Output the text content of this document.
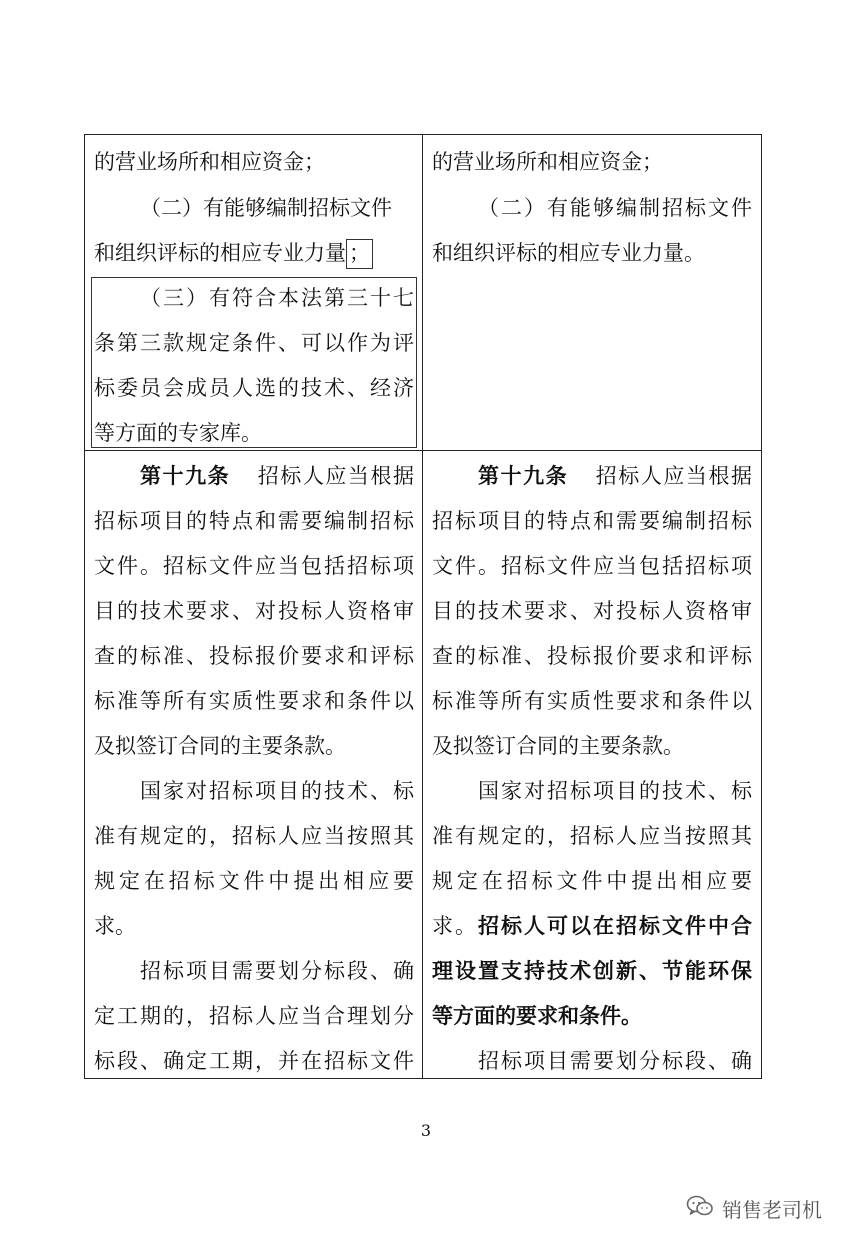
的营业场所和相应资金；
（二）有能够编制招标文件
和组织评标的相应专业力量 ；
（三）有符合本法第三十七
条第三款规定条件、可以作为评
标委员会成员人选的技术、经济
等方面的专家库。
的营业场所和相应资金；
（二）有能够编制招标文件
和组织评标的相应专业力量。
第十九条 招标人应当根据
招标项目的特点和需要编制招标
文件。招标文件应当包括招标项
目的技术要求、对投标人资格审
查的标准、投标报价要求和评标
标准等所有实质性要求和条件以
及拟签订合同的主要条款。
国家对招标项目的技术、标
准有规定的，招标人应当按照其
规定在招标文件中提出相应要
求。
招标项目需要划分标段、确
定工期的，招标人应当合理划分
标段、确定工期，并在招标文件
第十九条 招标人应当根据
招标项目的特点和需要编制招标
文件。招标文件应当包括招标项
目的技术要求、对投标人资格审
查的标准、投标报价要求和评标
标准等所有实质性要求和条件以
及拟签订合同的主要条款。
国家对招标项目的技术、标
准有规定的，招标人应当按照其
规定在招标文件中提出相应要
求。招标人可以在招标文件中合
理设置支持技术创新、节能环保
等方面的要求和条件。
招标项目需要划分标段、确
3
销售老司机
